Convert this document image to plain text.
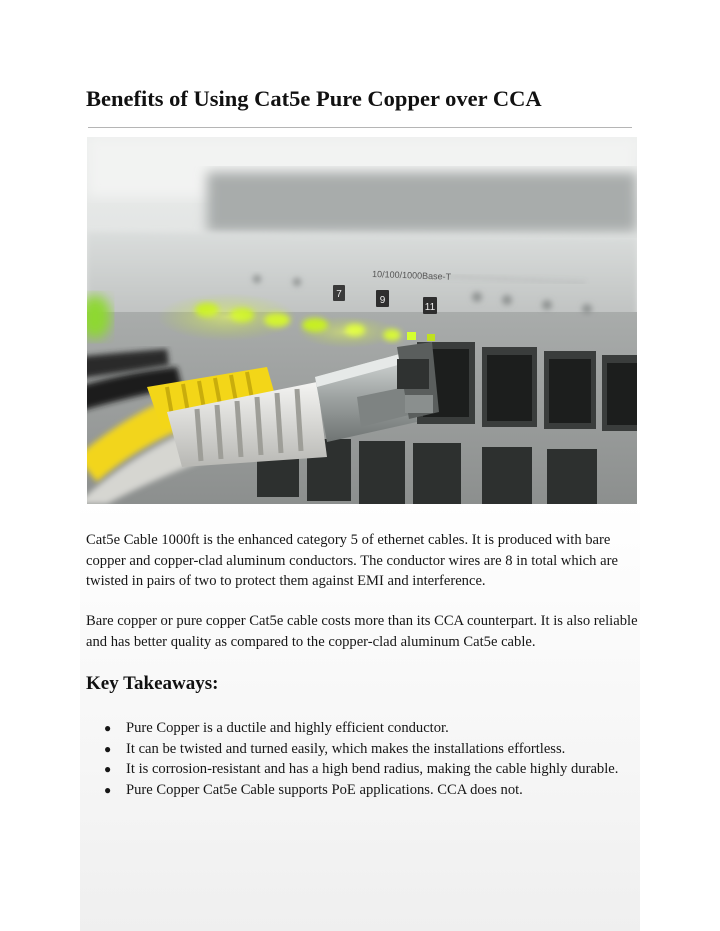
Benefits of Using Cat5e Pure Copper over CCA
10/100/1000Base-T
7
9
11

Cat5e Cable 1000ft is the enhanced category 5 of ethernet cables. It is produced with bare copper and copper-clad aluminum conductors. The conductor wires are 8 in total which are twisted in pairs of two to protect them against EMI and interference.

Bare copper or pure copper Cat5e cable costs more than its CCA counterpart. It is also reliable and has better quality as compared to the copper-clad aluminum Cat5e cable.

Key Takeaways:
● Pure Copper is a ductile and highly efficient conductor.
● It can be twisted and turned easily, which makes the installations effortless.
● It is corrosion-resistant and has a high bend radius, making the cable highly durable.
● Pure Copper Cat5e Cable supports PoE applications. CCA does not.
